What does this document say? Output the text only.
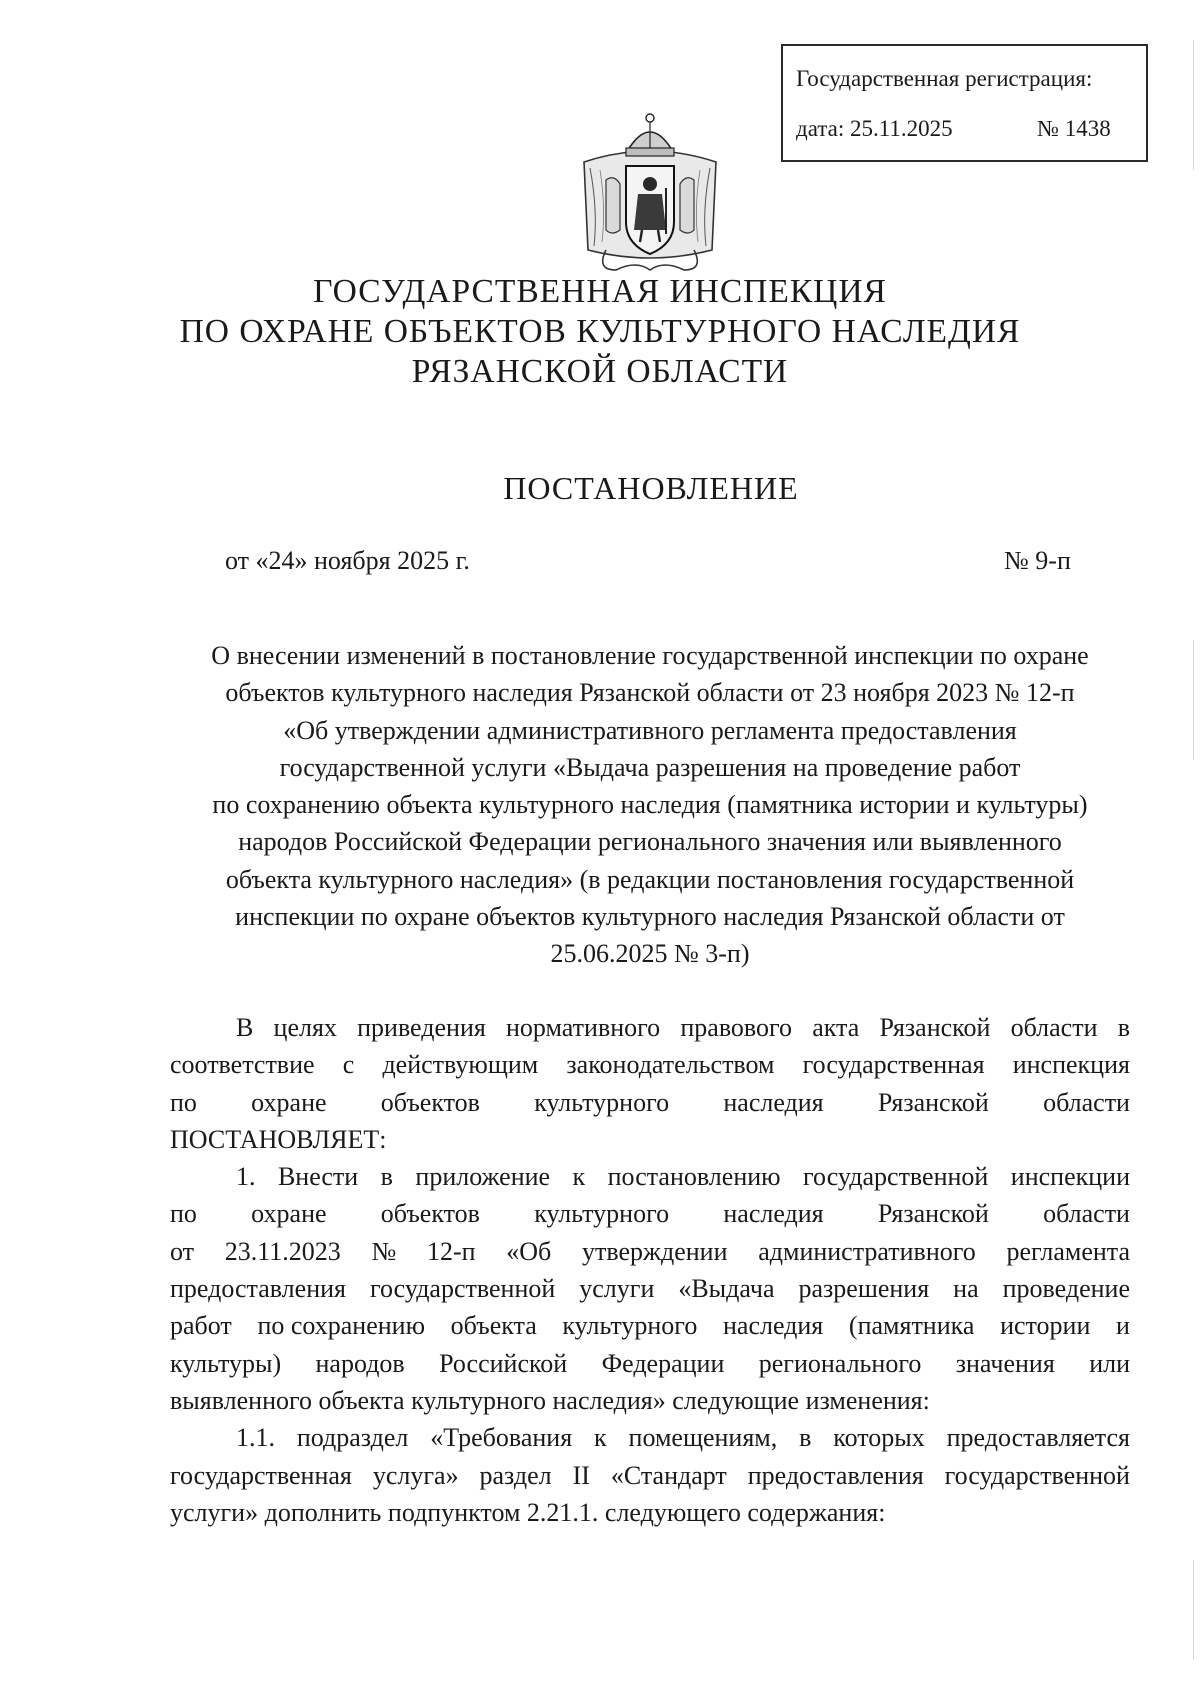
Государственная регистрация:
дата: 25.11.2025	№ 1438
ГОСУДАРСТВЕННАЯ ИНСПЕКЦИЯ
ПО ОХРАНЕ ОБЪЕКТОВ КУЛЬТУРНОГО НАСЛЕДИЯ
РЯЗАНСКОЙ ОБЛАСТИ
ПОСТАНОВЛЕНИЕ
от «24» ноября 2025 г.	№ 9-п
О внесении изменений в постановление государственной инспекции по охране
объектов культурного наследия Рязанской области от 23 ноября 2023 № 12-п
«Об утверждении административного регламента предоставления
государственной услуги «Выдача разрешения на проведение работ
по сохранению объекта культурного наследия (памятника истории и культуры)
народов Российской Федерации регионального значения или выявленного
объекта культурного наследия» (в редакции постановления государственной
инспекции по охране объектов культурного наследия Рязанской области от
25.06.2025 № 3-п)
В целях приведения нормативного правового акта Рязанской области в
соответствие с действующим законодательством государственная инспекция
по охране объектов культурного наследия Рязанской области
ПОСТАНОВЛЯЕТ:
1. Внести в приложение к постановлению государственной инспекции
по охране объектов культурного наследия Рязанской области
от 23.11.2023 № 12-п «Об утверждении административного регламента
предоставления государственной услуги «Выдача разрешения на проведение
работ по сохранению объекта культурного наследия (памятника истории и
культуры) народов Российской Федерации регионального значения или
выявленного объекта культурного наследия» следующие изменения:
1.1. подраздел «Требования к помещениям, в которых предоставляется
государственная услуга» раздел II «Стандарт предоставления государственной
услуги» дополнить подпунктом 2.21.1. следующего содержания:
